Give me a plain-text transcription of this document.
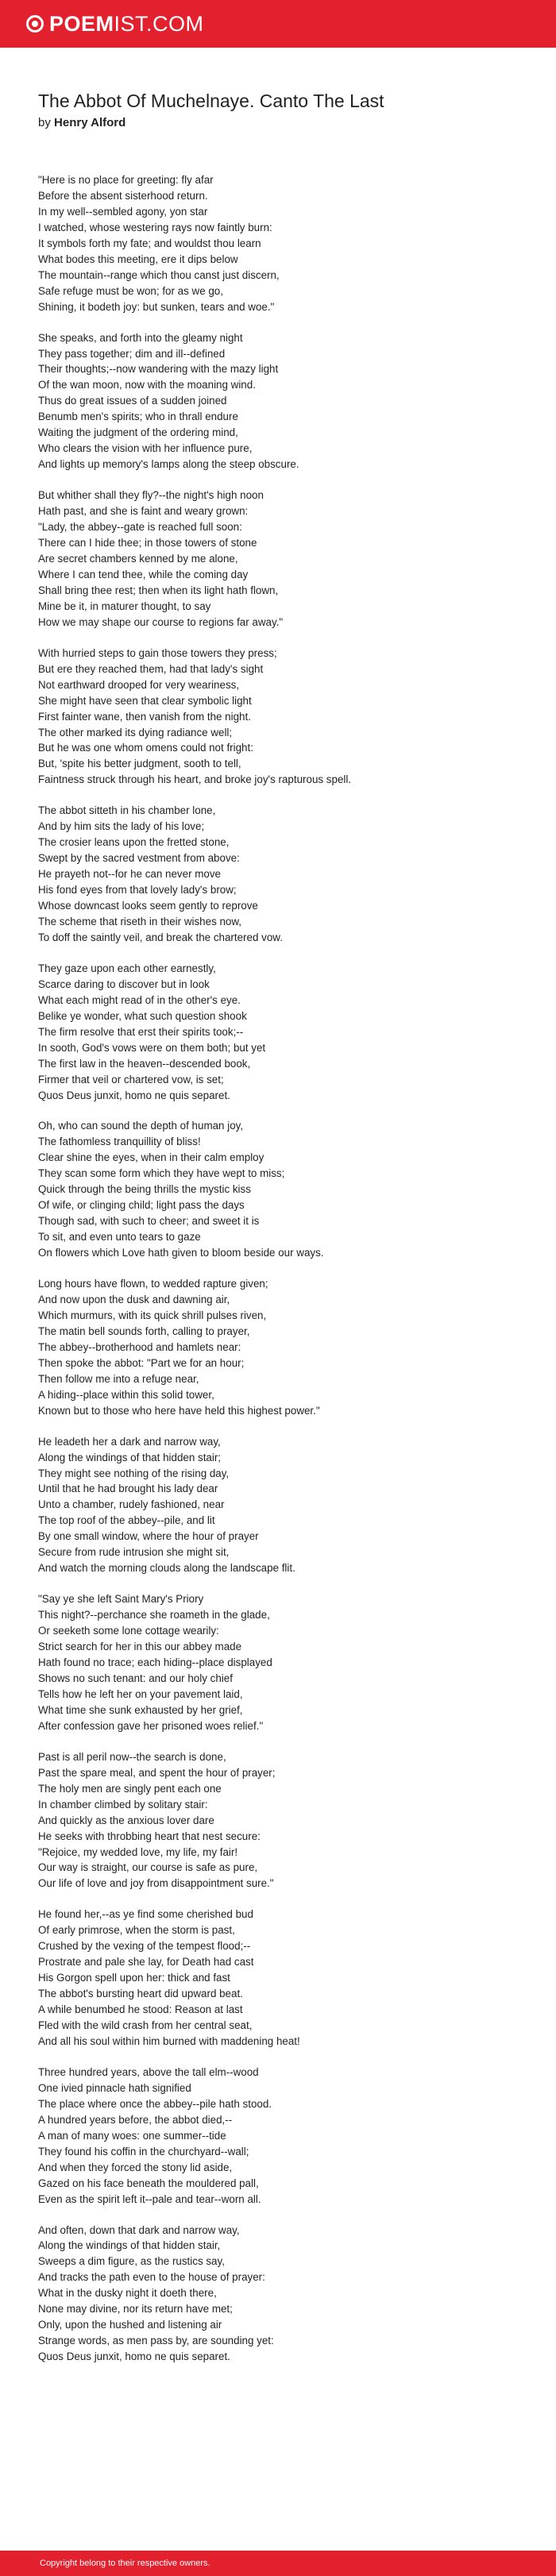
POEMIST.COM
The Abbot Of Muchelnaye. Canto The Last
by Henry Alford
"Here is no place for greeting: fly afar
Before the absent sisterhood return.
In my well--sembled agony, yon star
I watched, whose westering rays now faintly burn:
It symbols forth my fate; and wouldst thou learn
What bodes this meeting, ere it dips below
The mountain--range which thou canst just discern,
Safe refuge must be won; for as we go,
Shining, it bodeth joy: but sunken, tears and woe."
She speaks, and forth into the gleamy night
They pass together; dim and ill--defined
Their thoughts;--now wandering with the mazy light
Of the wan moon, now with the moaning wind.
Thus do great issues of a sudden joined
Benumb men's spirits; who in thrall endure
Waiting the judgment of the ordering mind,
Who clears the vision with her influence pure,
And lights up memory's lamps along the steep obscure.
But whither shall they fly?--the night's high noon
Hath past, and she is faint and weary grown:
"Lady, the abbey--gate is reached full soon:
There can I hide thee; in those towers of stone
Are secret chambers kenned by me alone,
Where I can tend thee, while the coming day
Shall bring thee rest; then when its light hath flown,
Mine be it, in maturer thought, to say
How we may shape our course to regions far away."
With hurried steps to gain those towers they press;
But ere they reached them, had that lady's sight
Not earthward drooped for very weariness,
She might have seen that clear symbolic light
First fainter wane, then vanish from the night.
The other marked its dying radiance well;
But he was one whom omens could not fright:
But, 'spite his better judgment, sooth to tell,
Faintness struck through his heart, and broke joy's rapturous spell.
The abbot sitteth in his chamber lone,
And by him sits the lady of his love;
The crosier leans upon the fretted stone,
Swept by the sacred vestment from above:
He prayeth not--for he can never move
His fond eyes from that lovely lady's brow;
Whose downcast looks seem gently to reprove
The scheme that riseth in their wishes now,
To doff the saintly veil, and break the chartered vow.
They gaze upon each other earnestly,
Scarce daring to discover but in look
What each might read of in the other's eye.
Belike ye wonder, what such question shook
The firm resolve that erst their spirits took;--
In sooth, God's vows were on them both; but yet
The first law in the heaven--descended book,
Firmer that veil or chartered vow, is set;
Quos Deus junxit, homo ne quis separet.
Oh, who can sound the depth of human joy,
The fathomless tranquillity of bliss!
Clear shine the eyes, when in their calm employ
They scan some form which they have wept to miss;
Quick through the being thrills the mystic kiss
Of wife, or clinging child; light pass the days
Though sad, with such to cheer; and sweet it is
To sit, and even unto tears to gaze
On flowers which Love hath given to bloom beside our ways.
Long hours have flown, to wedded rapture given;
And now upon the dusk and dawning air,
Which murmurs, with its quick shrill pulses riven,
The matin bell sounds forth, calling to prayer,
The abbey--brotherhood and hamlets near:
Then spoke the abbot: "Part we for an hour;
Then follow me into a refuge near,
A hiding--place within this solid tower,
Known but to those who here have held this highest power."
He leadeth her a dark and narrow way,
Along the windings of that hidden stair;
They might see nothing of the rising day,
Until that he had brought his lady dear
Unto a chamber, rudely fashioned, near
The top roof of the abbey--pile, and lit
By one small window, where the hour of prayer
Secure from rude intrusion she might sit,
And watch the morning clouds along the landscape flit.
"Say ye she left Saint Mary's Priory
This night?--perchance she roameth in the glade,
Or seeketh some lone cottage wearily:
Strict search for her in this our abbey made
Hath found no trace; each hiding--place displayed
Shows no such tenant: and our holy chief
Tells how he left her on your pavement laid,
What time she sunk exhausted by her grief,
After confession gave her prisoned woes relief.''
Past is all peril now--the search is done,
Past the spare meal, and spent the hour of prayer;
The holy men are singly pent each one
In chamber climbed by solitary stair:
And quickly as the anxious lover dare
He seeks with throbbing heart that nest secure:
"Rejoice, my wedded love, my life, my fair!
Our way is straight, our course is safe as pure,
Our life of love and joy from disappointment sure."
He found her,--as ye find some cherished bud
Of early primrose, when the storm is past,
Crushed by the vexing of the tempest flood;--
Prostrate and pale she lay, for Death had cast
His Gorgon spell upon her: thick and fast
The abbot's bursting heart did upward beat.
A while benumbed he stood: Reason at last
Fled with the wild crash from her central seat,
And all his soul within him burned with maddening heat!
Three hundred years, above the tall elm--wood
One ivied pinnacle hath signified
The place where once the abbey--pile hath stood.
A hundred years before, the abbot died,--
A man of many woes: one summer--tide
They found his coffin in the churchyard--wall;
And when they forced the stony lid aside,
Gazed on his face beneath the mouldered pall,
Even as the spirit left it--pale and tear--worn all.
And often, down that dark and narrow way,
Along the windings of that hidden stair,
Sweeps a dim figure, as the rustics say,
And tracks the path even to the house of prayer:
What in the dusky night it doeth there,
None may divine, nor its return have met;
Only, upon the hushed and listening air
Strange words, as men pass by, are sounding yet:
Quos Deus junxit, homo ne quis separet.
Copyright belong to their respective owners.
